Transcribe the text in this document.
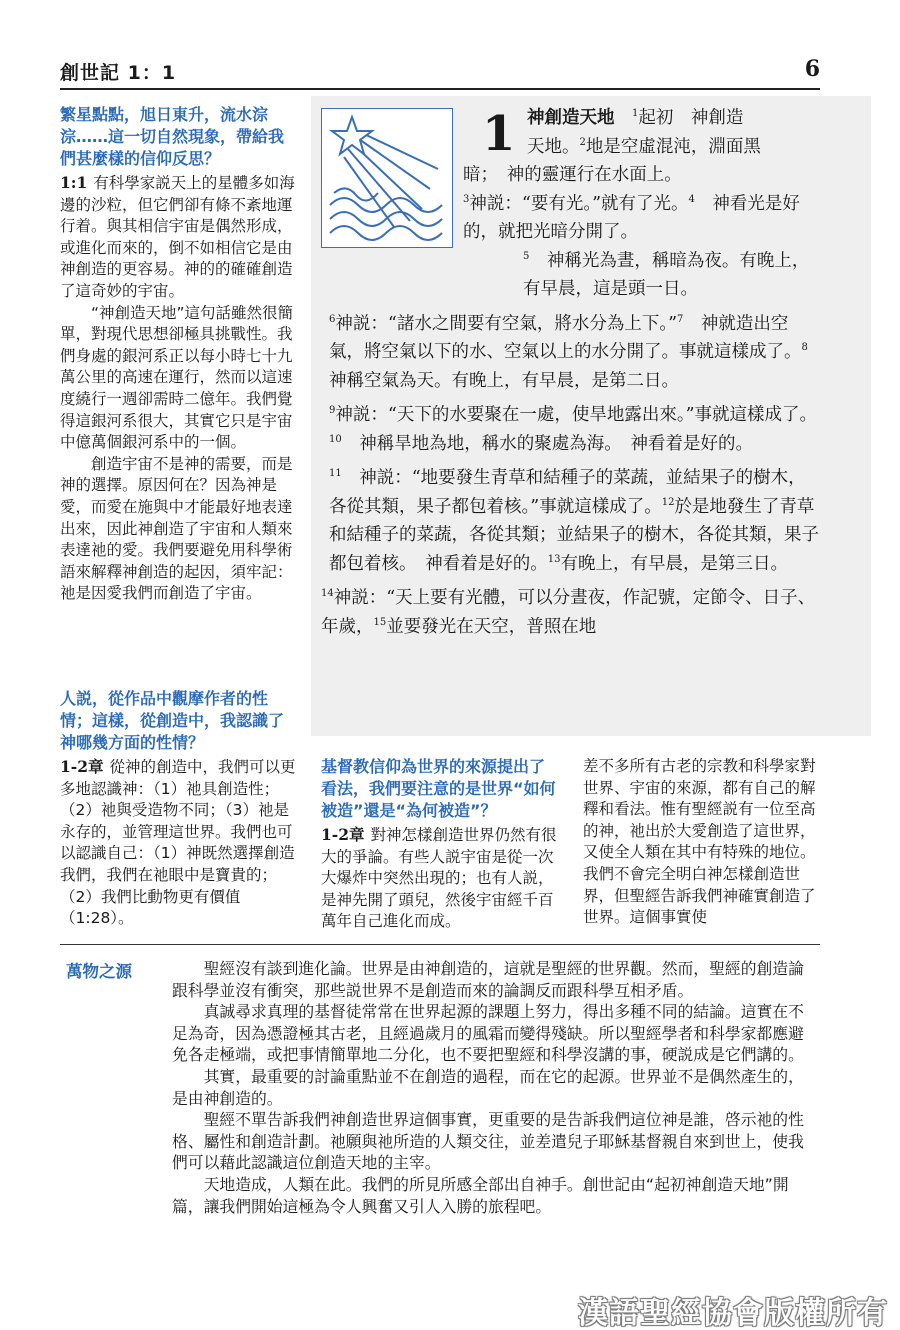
創世記 1：1	6
繁星點點，旭日東升，流水淙淙……這一切自然現象，帶給我們甚麼樣的信仰反思？

1:1 有科學家説天上的星體多如海邊的沙粒，但它們卻有條不紊地運行着。與其相信宇宙是偶然形成，或進化而來的，倒不如相信它是由神創造的更容易。神的的確確創造了這奇妙的宇宙。

“神創造天地”這句話雖然很簡單，對現代思想卻極具挑戰性。我們身處的銀河系正以每小時七十九萬公里的高速在運行，然而以這速度繞行一週卻需時二億年。我們覺得這銀河系很大，其實它只是宇宙中億萬個銀河系中的一個。

創造宇宙不是神的需要，而是神的選擇。原因何在？因為神是愛，而愛在施與中才能最好地表達出來，因此神創造了宇宙和人類來表達祂的愛。我們要避免用科學術語來解釋神創造的起因，須牢記：祂是因愛我們而創造了宇宙。

人説，從作品中觀摩作者的性情；這樣，從創造中，我認識了神哪幾方面的性情？

1-2章 從神的創造中，我們可以更多地認識神：（1）祂具創造性；（2）祂與受造物不同；（3）祂是永存的，並管理這世界。我們也可以認識自己：（1）神既然選擇創造我們，我們在祂眼中是寶貴的；（2）我們比動物更有價值（1:28）。

1 神創造天地　 $^1$起初　神創造
天地。$^2$地是空虛混沌，淵面黑
暗；　神的靈運行在水面上。
$^3$神説：“要有光。”就有了光。$^4$　神看光是好的，就把光暗分開了。
$^5$　神稱光為晝，稱暗為夜。有晚上，有早晨，這是頭一日。
$^6$神説：“諸水之間要有空氣，將水分為上下。”$^7$　神就造出空氣，將空氣以下的水、空氣以上的水分開了。事就這樣成了。$^8$　神稱空氣為天。有晚上，有早晨，是第二日。
$^9$神説：“天下的水要聚在一處，使旱地露出來。”事就這樣成了。$^{10}$　神稱旱地為地，稱水的聚處為海。　神看着是好的。
$^{11}$　神説：“地要發生青草和結種子的菜蔬，並結果子的樹木，各從其類，果子都包着核。”事就這樣成了。$^{12}$於是地發生了青草和結種子的菜蔬，各從其類；並結果子的樹木，各從其類，果子都包着核。　神看着是好的。$^{13}$有晚上，有早晨，是第三日。
$^{14}$神説：“天上要有光體，可以分晝夜，作記號，定節令、日子、年歲，$^{15}$並要發光在天空，普照在地
基督教信仰為世界的來源提出了看法，我們要注意的是世界“如何被造”還是“為何被造”？

1-2章 對神怎樣創造世界仍然有很大的爭論。有些人説宇宙是從一次大爆炸中突然出現的；也有人説，是神先開了頭兒，然後宇宙經千百萬年自己進化而成。

差不多所有古老的宗教和科學家對世界、宇宙的來源，都有自己的解釋和看法。惟有聖經説有一位至高的神，祂出於大愛創造了這世界，又使全人類在其中有特殊的地位。我們不會完全明白神怎樣創造世界，但聖經告訴我們神確實創造了世界。這個事實使

萬物之源	聖經沒有談到進化論。世界是由神創造的，這就是聖經的世界觀。然而，聖經的創造論跟科學並沒有衝突，那些説世界不是創造而來的論調反而跟科學互相矛盾。

真誠尋求真理的基督徒常常在世界起源的課題上努力，得出多種不同的結論。這實在不足為奇，因為憑證極其古老，且經過歲月的風霜而變得殘缺。所以聖經學者和科學家都應避免各走極端，或把事情簡單地二分化，也不要把聖經和科學沒講的事，硬説成是它們講的。

其實，最重要的討論重點並不在創造的過程，而在它的起源。世界並不是偶然產生的，是由神創造的。

聖經不單告訴我們神創造世界這個事實，更重要的是告訴我們這位神是誰，啓示祂的性格、屬性和創造計劃。祂願與祂所造的人類交往，並差遣兒子耶穌基督親自來到世上，使我們可以藉此認識這位創造天地的主宰。

天地造成，人類在此。我們的所見所感全部出自神手。創世記由“起初神創造天地”開篇，讓我們開始這極為令人興奮又引人入勝的旅程吧。

漢語聖經協會版權所有
